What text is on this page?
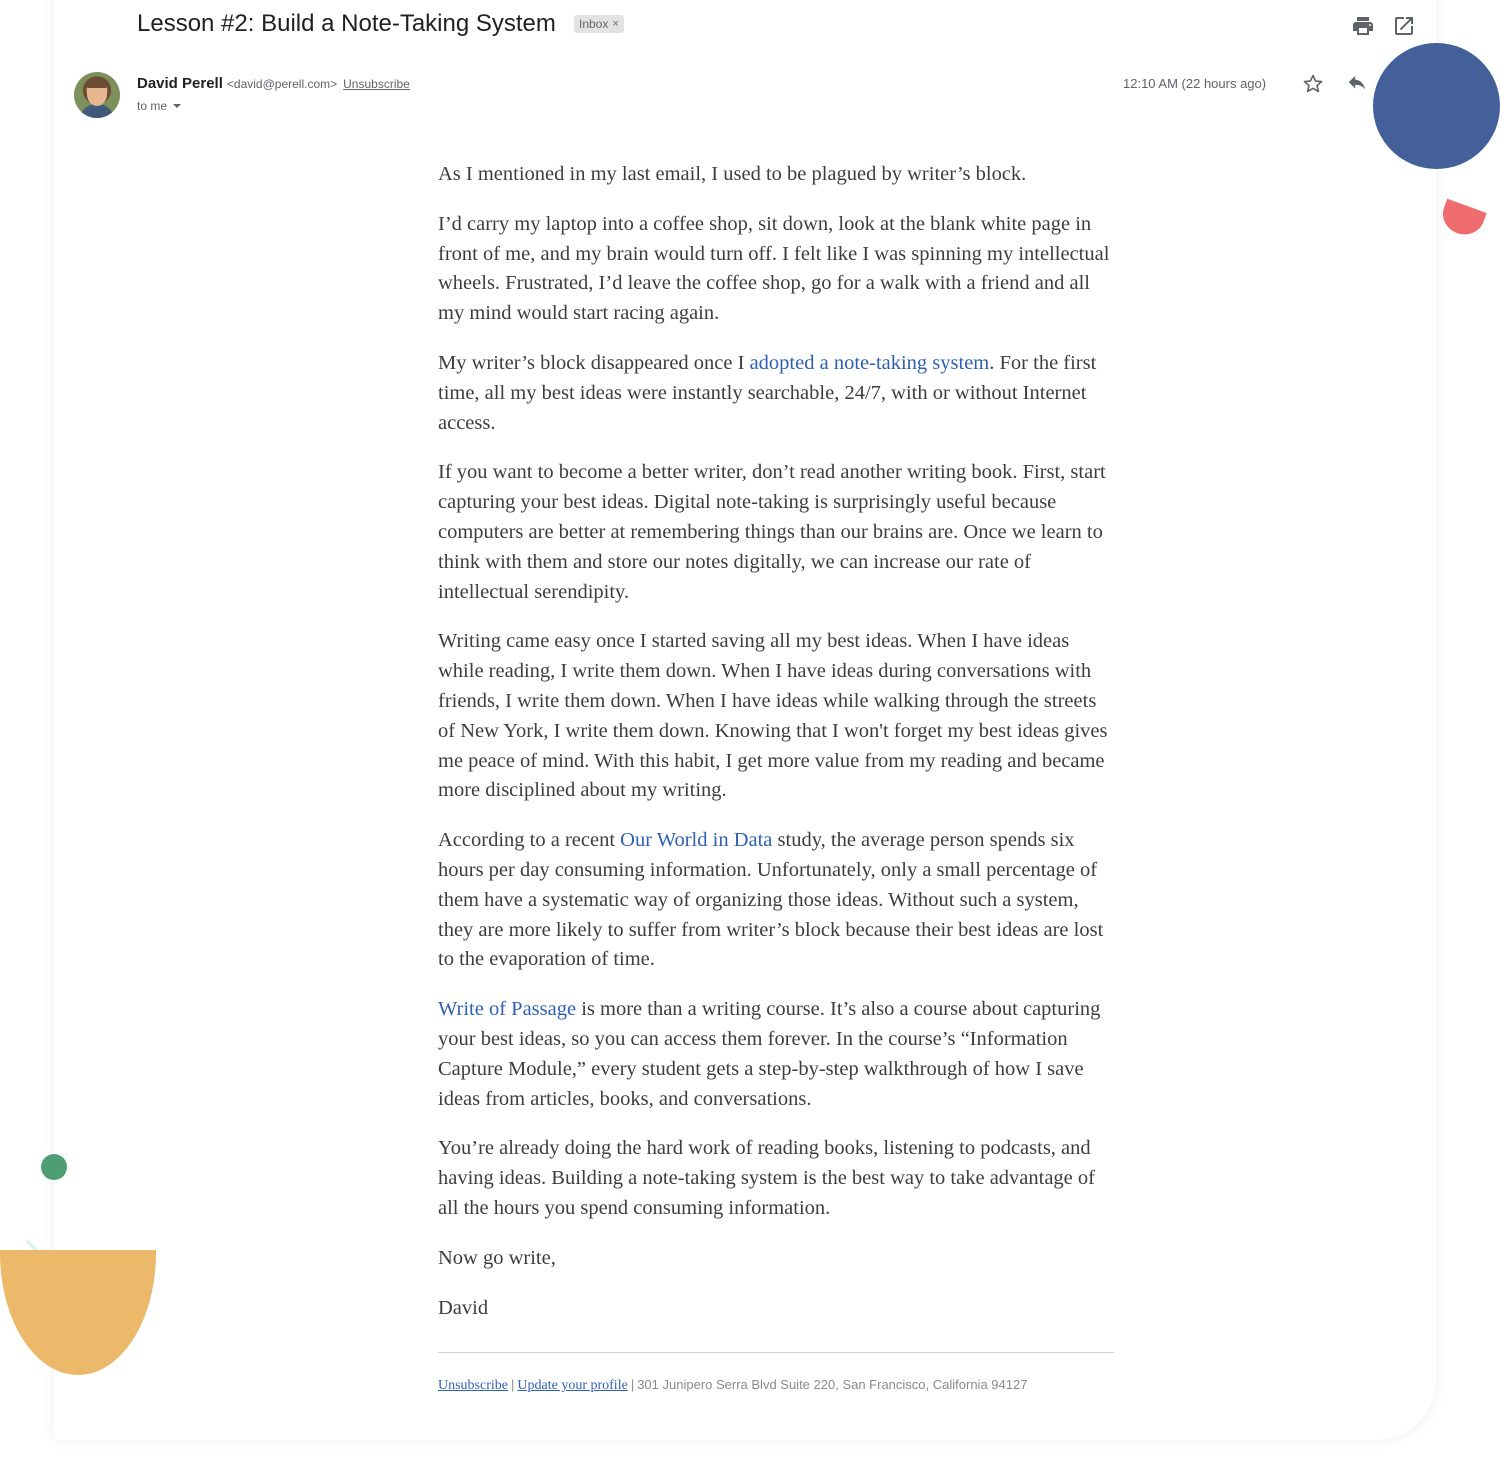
Lesson #2: Build a Note-Taking System Inbox ×
David Perell <david@perell.com> Unsubscribe
to me
12:10 AM (22 hours ago)

As I mentioned in my last email, I used to be plagued by writer’s block.

I’d carry my laptop into a coffee shop, sit down, look at the blank white page in front of me, and my brain would turn off. I felt like I was spinning my intellectual wheels. Frustrated, I’d leave the coffee shop, go for a walk with a friend and all my mind would start racing again.

My writer’s block disappeared once I adopted a note-taking system. For the first time, all my best ideas were instantly searchable, 24/7, with or without Internet access.

If you want to become a better writer, don’t read another writing book. First, start capturing your best ideas. Digital note-taking is surprisingly useful because computers are better at remembering things than our brains are. Once we learn to think with them and store our notes digitally, we can increase our rate of intellectual serendipity.

Writing came easy once I started saving all my best ideas. When I have ideas while reading, I write them down. When I have ideas during conversations with friends, I write them down. When I have ideas while walking through the streets of New York, I write them down. Knowing that I won't forget my best ideas gives me peace of mind. With this habit, I get more value from my reading and became more disciplined about my writing.

According to a recent Our World in Data study, the average person spends six hours per day consuming information. Unfortunately, only a small percentage of them have a systematic way of organizing those ideas. Without such a system, they are more likely to suffer from writer’s block because their best ideas are lost to the evaporation of time.

Write of Passage is more than a writing course. It’s also a course about capturing your best ideas, so you can access them forever. In the course’s “Information Capture Module,” every student gets a step-by-step walkthrough of how I save ideas from articles, books, and conversations.

You’re already doing the hard work of reading books, listening to podcasts, and having ideas. Building a note-taking system is the best way to take advantage of all the hours you spend consuming information.

Now go write,

David

Unsubscribe | Update your profile | 301 Junipero Serra Blvd Suite 220, San Francisco, California 94127
